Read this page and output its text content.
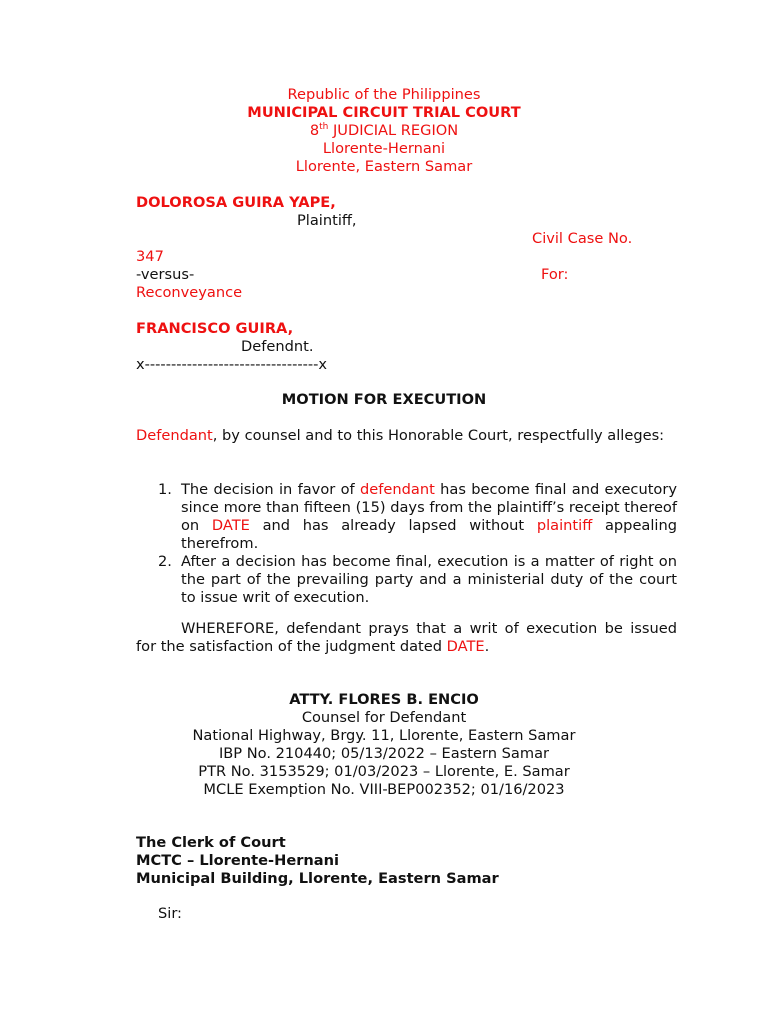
Republic of the Philippines
MUNICIPAL CIRCUIT TRIAL COURT
8th JUDICIAL REGION
Llorente-Hernani
Llorente, Eastern Samar
DOLOROSA GUIRA YAPE,
Plaintiff,
Civil Case No.
347
-versus-	For:
Reconveyance
FRANCISCO GUIRA,
Defendnt.
x---------------------------------x
MOTION FOR EXECUTION
Defendant, by counsel and to this Honorable Court, respectfully alleges:
1. The decision in favor of defendant has become final and executory since more than fifteen (15) days from the plaintiff’s receipt thereof on DATE and has already lapsed without plaintiff appealing therefrom.
2. After a decision has become final, execution is a matter of right on the part of the prevailing party and a ministerial duty of the court to issue writ of execution.
WHEREFORE, defendant prays that a writ of execution be issued for the satisfaction of the judgment dated DATE.
ATTY. FLORES B. ENCIO
Counsel for Defendant
National Highway, Brgy. 11, Llorente, Eastern Samar
IBP No. 210440; 05/13/2022 – Eastern Samar
PTR No. 3153529; 01/03/2023 – Llorente, E. Samar
MCLE Exemption No. VIII-BEP002352; 01/16/2023
The Clerk of Court
MCTC – Llorente-Hernani
Municipal Building, Llorente, Eastern Samar
Sir:
